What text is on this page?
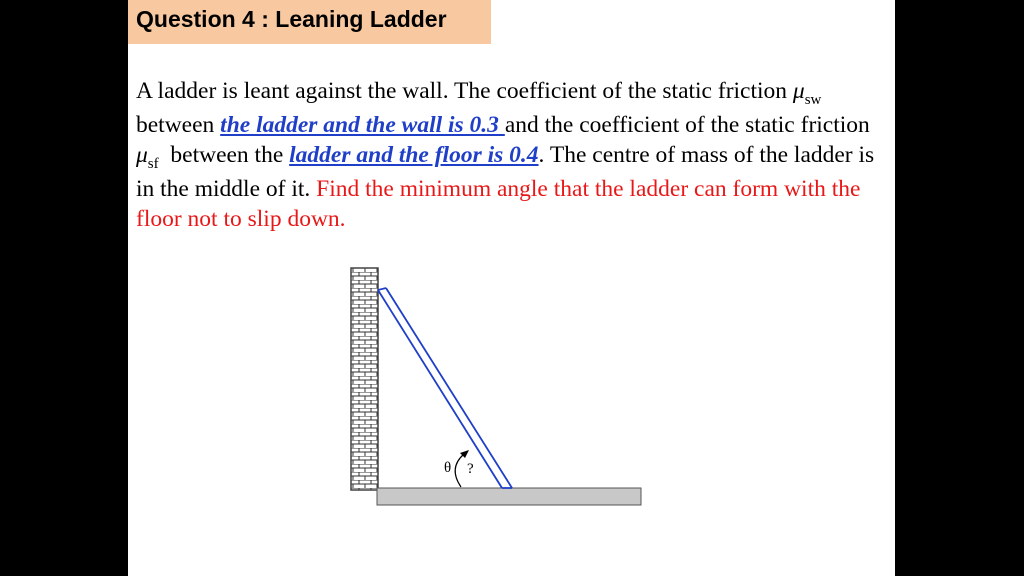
Question 4 : Leaning Ladder
A ladder is leant against the wall. The coefficient of the static friction $\mu_{sw}$ between the ladder and the wall is 0.3 and the coefficient of the static friction $\mu_{sf}$  between the ladder and the floor is 0.4. The centre of mass of the ladder is in the middle of it. Find the minimum angle that the ladder can form with the floor not to slip down.
θ ?
